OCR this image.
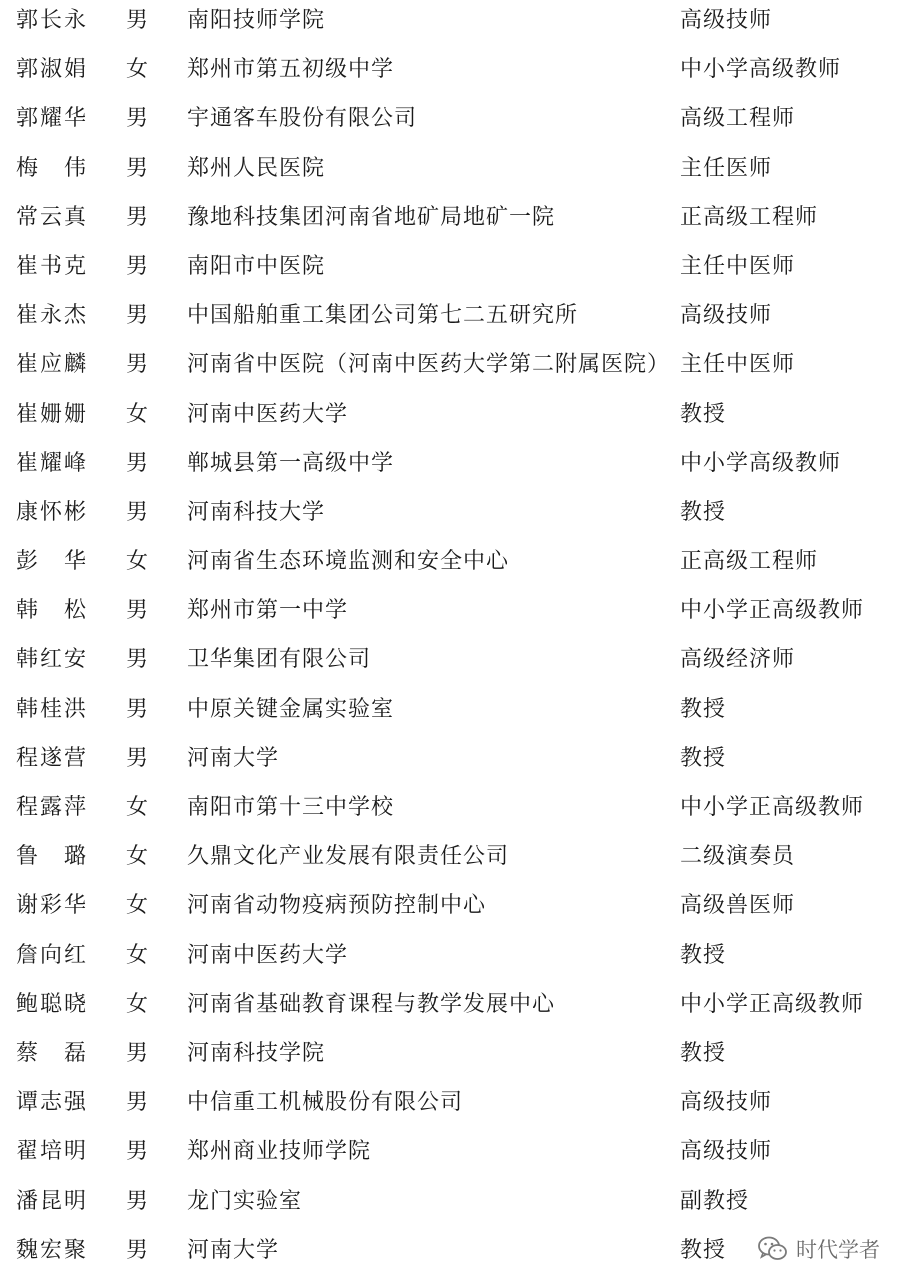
郭长永 男 南阳技师学院	高级技师
郭淑娟 女 郑州市第五初级中学	中小学高级教师
郭耀华 男 宇通客车股份有限公司	高级工程师
梅　伟 男 郑州人民医院	主任医师
常云真 男 豫地科技集团河南省地矿局地矿一院	正高级工程师
崔书克 男 南阳市中医院	主任中医师
崔永杰 男 中国船舶重工集团公司第七二五研究所	高级技师
崔应麟 男 河南省中医院（河南中医药大学第二附属医院） 主任中医师
崔姗姗 女 河南中医药大学	教授
崔耀峰 男 郸城县第一高级中学	中小学高级教师
康怀彬 男 河南科技大学	教授
彭　华 女 河南省生态环境监测和安全中心	正高级工程师
韩　松 男 郑州市第一中学	中小学正高级教师
韩红安 男 卫华集团有限公司	高级经济师
韩桂洪 男 中原关键金属实验室	教授
程遂营 男 河南大学	教授
程露萍 女 南阳市第十三中学校	中小学正高级教师
鲁　璐 女 久鼎文化产业发展有限责任公司	二级演奏员
谢彩华 女 河南省动物疫病预防控制中心	高级兽医师
詹向红 女 河南中医药大学	教授
鲍聪晓 女 河南省基础教育课程与教学发展中心	中小学正高级教师
蔡　磊 男 河南科技学院	教授
谭志强 男 中信重工机械股份有限公司	高级技师
翟培明 男 郑州商业技师学院	高级技师
潘昆明 男 龙门实验室	副教授
魏宏聚 男 河南大学	教授	时代学者
